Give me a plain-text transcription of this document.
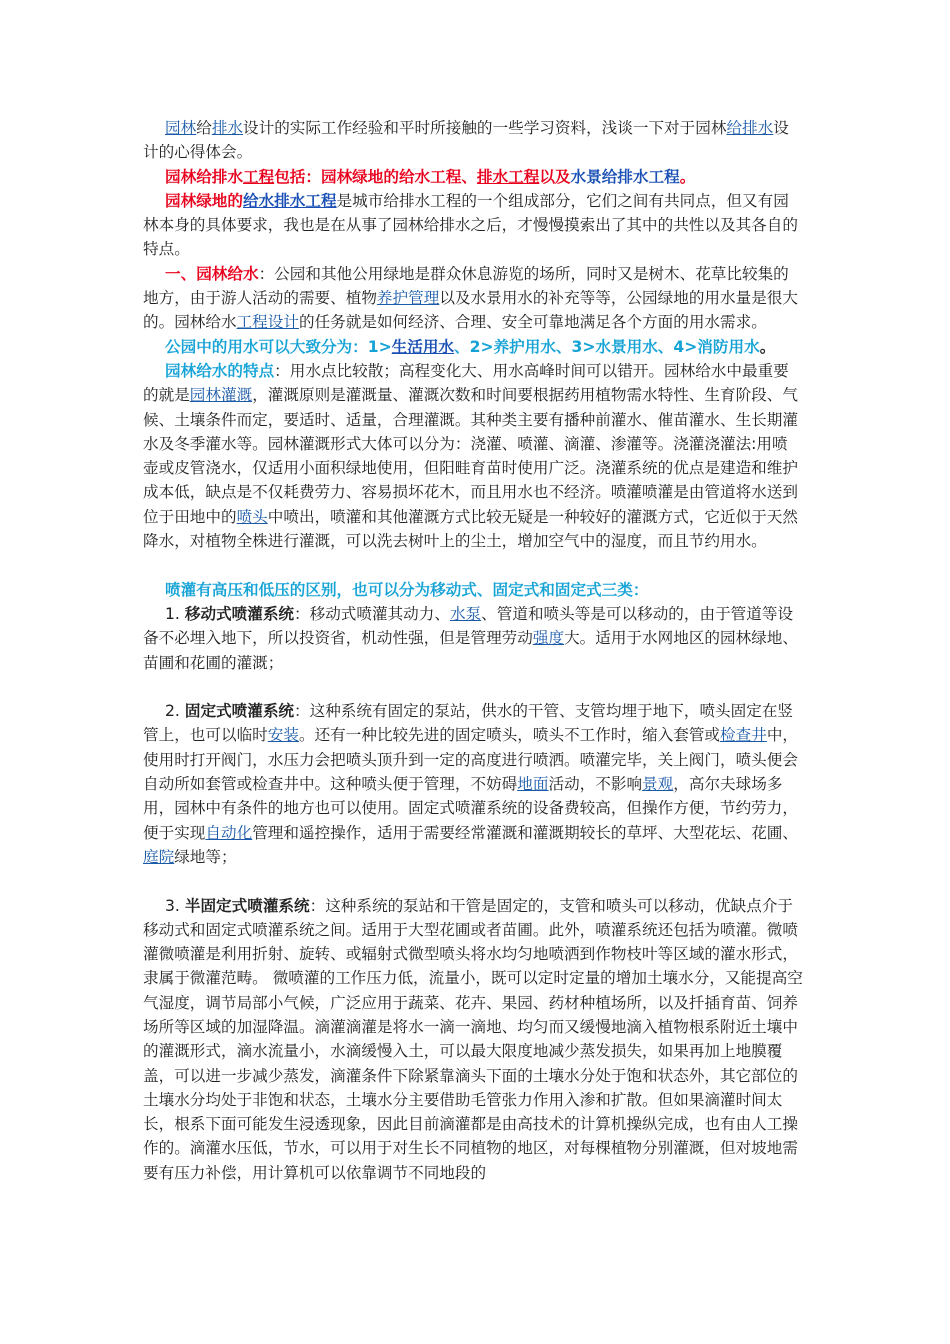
园林给排水设计的实际工作经验和平时所接触的一些学习资料，浅谈一下对于园林给排水设计的心得体会。

园林给排水工程包括：园林绿地的给水工程、排水工程以及水景给排水工程。

园林绿地的给水排水工程是城市给排水工程的一个组成部分，它们之间有共同点，但又有园林本身的具体要求，我也是在从事了园林给排水之后，才慢慢摸索出了其中的共性以及其各自的特点。

一、园林给水：公园和其他公用绿地是群众休息游览的场所，同时又是树木、花草比较集的地方，由于游人活动的需要、植物养护管理以及水景用水的补充等等，公园绿地的用水量是很大的。园林给水工程设计的任务就是如何经济、合理、安全可靠地满足各个方面的用水需求。

公园中的用水可以大致分为：1>生活用水、2>养护用水、3>水景用水、4>消防用水。

园林给水的特点：用水点比较散；高程变化大、用水高峰时间可以错开。园林给水中最重要的就是园林灌溉，灌溉原则是灌溉量、灌溉次数和时间要根据药用植物需水特性、生育阶段、气候、土壤条件而定，要适时、适量，合理灌溉。其种类主要有播种前灌水、催苗灌水、生长期灌水及冬季灌水等。园林灌溉形式大体可以分为：浇灌、喷灌、滴灌、渗灌等。浇灌浇灌法:用喷壶或皮管浇水，仅适用小面积绿地使用，但阳畦育苗时使用广泛。浇灌系统的优点是建造和维护成本低，缺点是不仅耗费劳力、容易损坏花木，而且用水也不经济。喷灌喷灌是由管道将水送到位于田地中的喷头中喷出，喷灌和其他灌溉方式比较无疑是一种较好的灌溉方式，它近似于天然降水，对植物全株进行灌溉，可以洗去树叶上的尘土，增加空气中的湿度，而且节约用水。

喷灌有高压和低压的区别，也可以分为移动式、固定式和固定式三类：

1. 移动式喷灌系统：移动式喷灌其动力、水泵、管道和喷头等是可以移动的，由于管道等设备不必埋入地下，所以投资省，机动性强，但是管理劳动强度大。适用于水网地区的园林绿地、苗圃和花圃的灌溉；

2. 固定式喷灌系统：这种系统有固定的泵站，供水的干管、支管均埋于地下，喷头固定在竖管上，也可以临时安装。还有一种比较先进的固定喷头，喷头不工作时，缩入套管或检查井中，使用时打开阀门，水压力会把喷头顶升到一定的高度进行喷洒。喷灌完毕，关上阀门，喷头便会自动所如套管或检查井中。这种喷头便于管理，不妨碍地面活动，不影响景观，高尔夫球场多用，园林中有条件的地方也可以使用。固定式喷灌系统的设备费较高，但操作方便，节约劳力，便于实现自动化管理和遥控操作，适用于需要经常灌溉和灌溉期较长的草坪、大型花坛、花圃、庭院绿地等；

3. 半固定式喷灌系统：这种系统的泵站和干管是固定的，支管和喷头可以移动，优缺点介于移动式和固定式喷灌系统之间。适用于大型花圃或者苗圃。此外，喷灌系统还包括为喷灌。微喷灌微喷灌是利用折射、旋转、或辐射式微型喷头将水均匀地喷洒到作物枝叶等区域的灌水形式，隶属于微灌范畴。 微喷灌的工作压力低，流量小，既可以定时定量的增加土壤水分，又能提高空气湿度，调节局部小气候，广泛应用于蔬菜、花卉、果园、药材种植场所，以及扦插育苗、饲养场所等区域的加湿降温。滴灌滴灌是将水一滴一滴地、均匀而又缓慢地滴入植物根系附近土壤中的灌溉形式，滴水流量小，水滴缓慢入土，可以最大限度地减少蒸发损失，如果再加上地膜覆盖，可以进一步减少蒸发，滴灌条件下除紧靠滴头下面的土壤水分处于饱和状态外，其它部位的土壤水分均处于非饱和状态，土壤水分主要借助毛管张力作用入渗和扩散。但如果滴灌时间太长，根系下面可能发生浸透现象，因此目前滴灌都是由高技术的计算机操纵完成，也有由人工操作的。滴灌水压低，节水，可以用于对生长不同植物的地区，对每棵植物分别灌溉，但对坡地需要有压力补偿，用计算机可以依靠调节不同地段的
